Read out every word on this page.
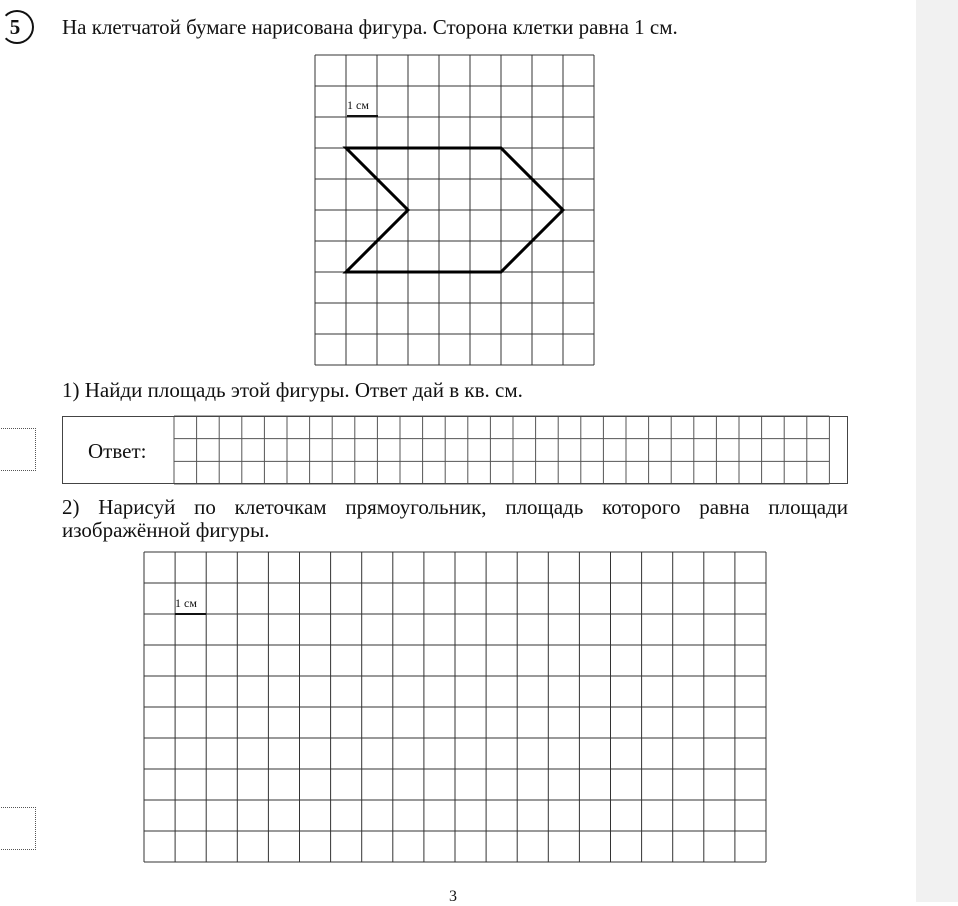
5 На клетчатой бумаге нарисована фигура. Сторона клетки равна 1 см.
1 см
1) Найди площадь этой фигуры. Ответ дай в кв. см.
Ответ:
2) Нарисуй по клеточкам прямоугольник, площадь которого равна площади изображённой фигуры.
1 см
3
